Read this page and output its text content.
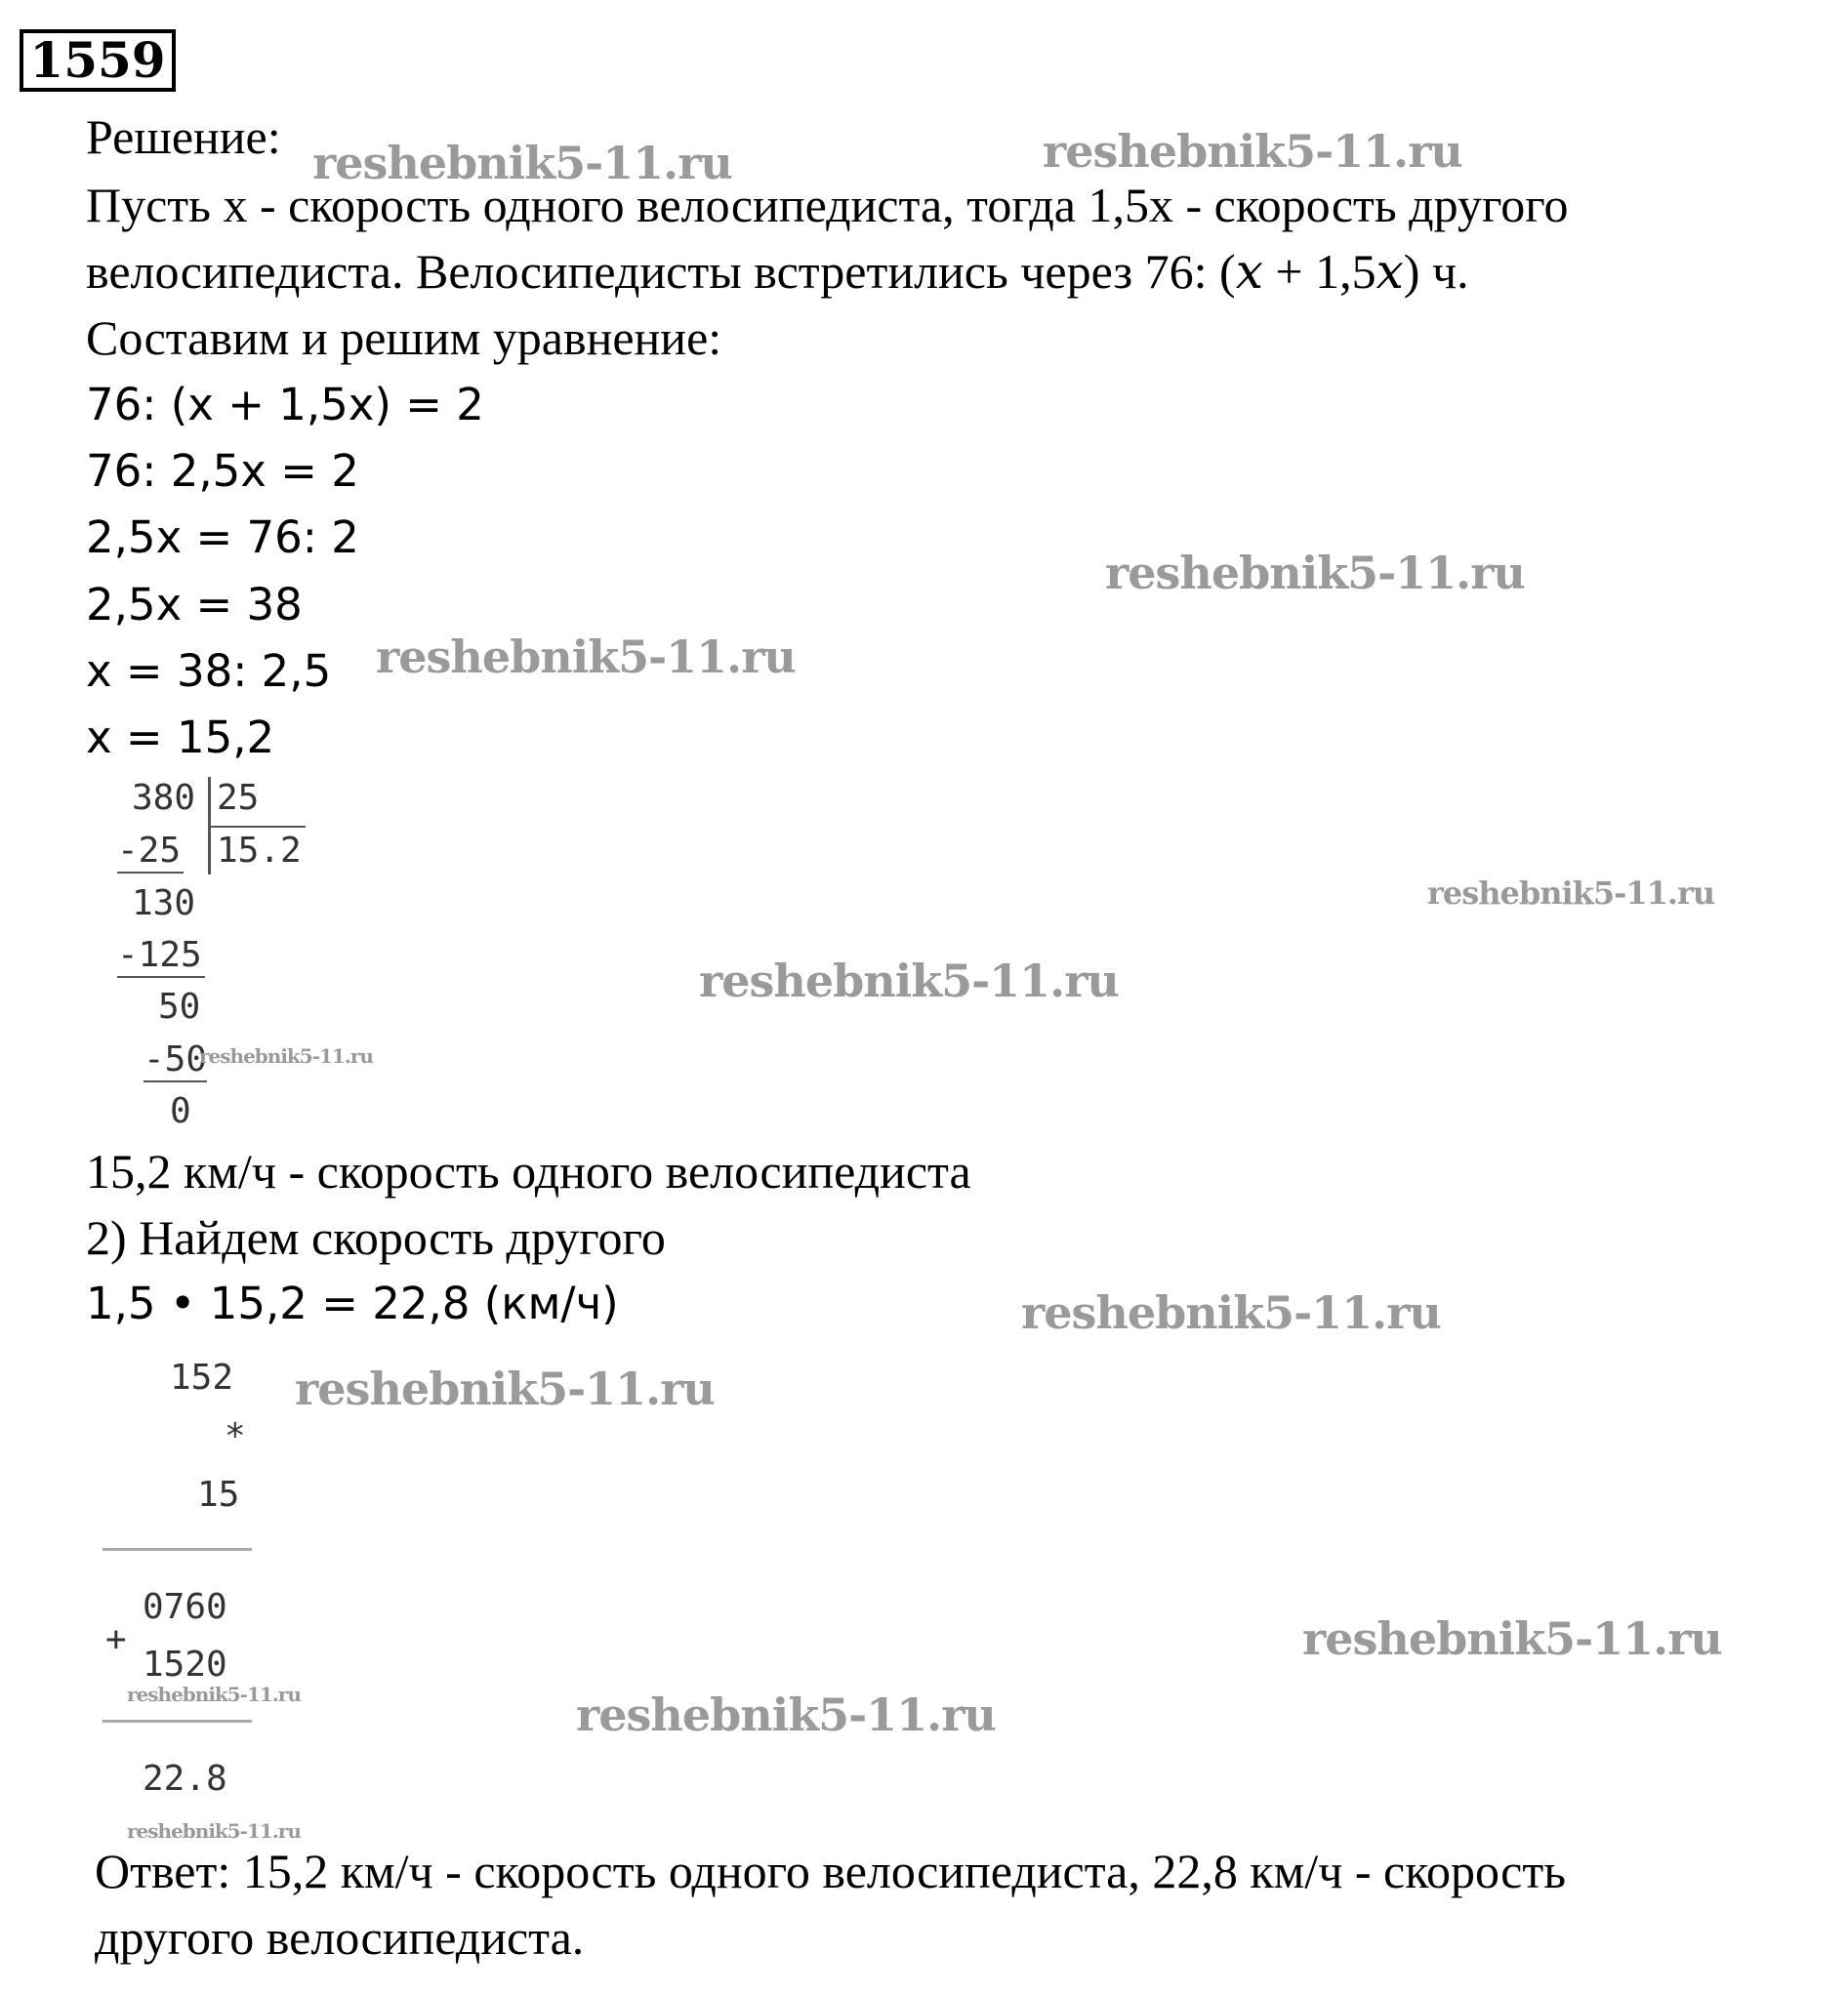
1559
Решение:
Пусть x - скорость одного велосипедиста, тогда 1,5x - скорость другого
велосипедиста. Велосипедисты встретились через 76: (𝑥 + 1,5𝑥) ч.
Составим и решим уравнение:
76: (x + 1,5x) = 2
76: 2,5x = 2
2,5x = 76: 2
2,5x = 38
x = 38: 2,5
x = 15,2
380 25
15.2
-25
130
-125
50
-50
0
15,2 км/ч - скорость одного велосипедиста
2) Найдем скорость другого
1,5 • 15,2 = 22,8 (км/ч)
152
*
15
0760
+
1520
22.8
Ответ: 15,2 км/ч - скорость одного велосипедиста, 22,8 км/ч - скорость
другого велосипедиста.
reshebnik5-11.ru	reshebnik5-11.ru
reshebnik5-11.ru
reshebnik5-11.ru
reshebnik5-11.ru
reshebnik5-11.ru
reshebnik5-11.ru
reshebnik5-11.ru
reshebnik5-11.ru
reshebnik5-11.ru
reshebnik5-11.ru	reshebnik5-11.ru
reshebnik5-11.ru
